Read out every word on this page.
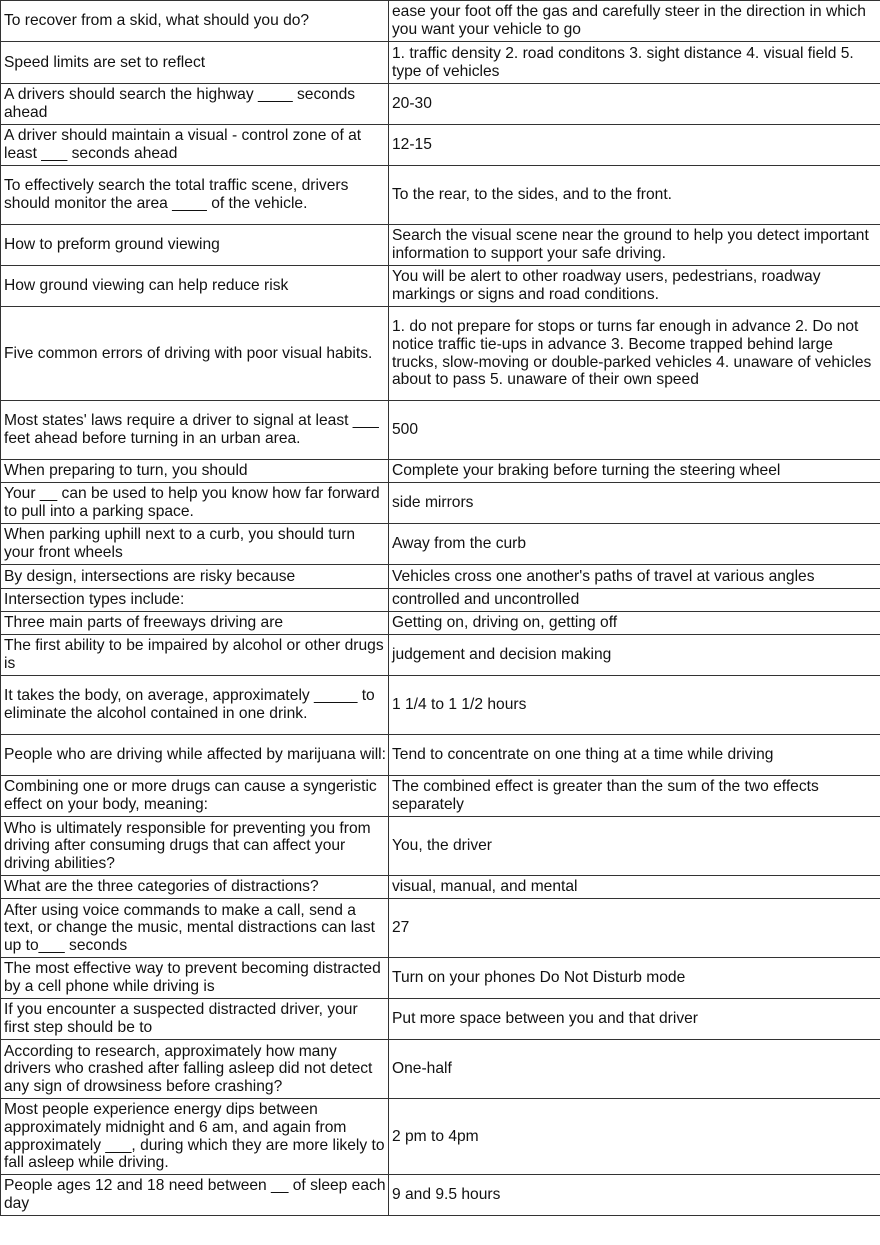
To recover from a skid, what should you do?	ease your foot off the gas and carefully steer in the direction in which you want your vehicle to go
Speed limits are set to reflect	1. traffic density 2. road conditons 3. sight distance 4. visual field 5. type of vehicles
A drivers should search the highway ____ seconds ahead	20-30
A driver should maintain a visual - control zone of at least ___ seconds ahead	12-15
To effectively search the total traffic scene, drivers should monitor the area ____ of the vehicle.	To the rear, to the sides, and to the front.
How to preform ground viewing	Search the visual scene near the ground to help you detect important information to support your safe driving.
How ground viewing can help reduce risk	You will be alert to other roadway users, pedestrians, roadway markings or signs and road conditions.
Five common errors of driving with poor visual habits.	1. do not prepare for stops or turns far enough in advance 2. Do not notice traffic tie-ups in advance 3. Become trapped behind large trucks, slow-moving or double-parked vehicles 4. unaware of vehicles about to pass 5. unaware of their own speed
Most states' laws require a driver to signal at least ___ feet ahead before turning in an urban area.	500
When preparing to turn, you should	Complete your braking before turning the steering wheel
Your __ can be used to help you know how far forward to pull into a parking space.	side mirrors
When parking uphill next to a curb, you should turn your front wheels	Away from the curb
By design, intersections are risky because	Vehicles cross one another's paths of travel at various angles
Intersection types include:	controlled and uncontrolled
Three main parts of freeways driving are	Getting on, driving on, getting off
The first ability to be impaired by alcohol or other drugs is	judgement and decision making
It takes the body, on average, approximately _____ to eliminate the alcohol contained in one drink.	1 1/4 to 1 1/2 hours
People who are driving while affected by marijuana will:	Tend to concentrate on one thing at a time while driving
Combining one or more drugs can cause a syngeristic effect on your body, meaning:	The combined effect is greater than the sum of the two effects separately
Who is ultimately responsible for preventing you from driving after consuming drugs that can affect your driving abilities?	You, the driver
What are the three categories of distractions?	visual, manual, and mental
After using voice commands to make a call, send a text, or change the music, mental distractions can last up to___ seconds	27
The most effective way to prevent becoming distracted by a cell phone while driving is	Turn on your phones Do Not Disturb mode
If you encounter a suspected distracted driver, your first step should be to	Put more space between you and that driver
According to research, approximately how many drivers who crashed after falling asleep did not detect any sign of drowsiness before crashing?	One-half
Most people experience energy dips between approximately midnight and 6 am, and again from approximately ___, during which they are more likely to fall asleep while driving.	2 pm to 4pm
People ages 12 and 18 need between __ of sleep each day	9 and 9.5 hours
